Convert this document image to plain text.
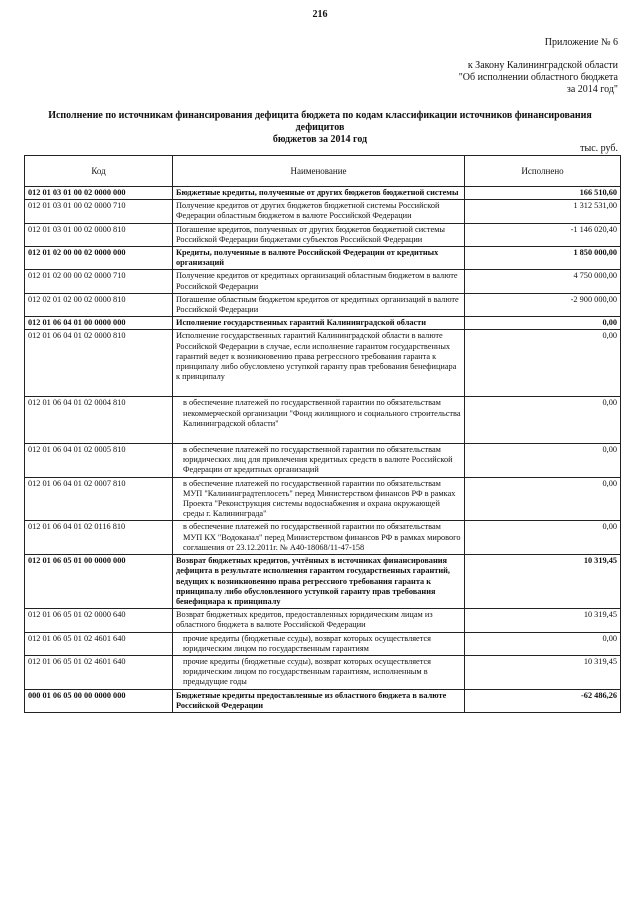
216
Приложение № 6
к Закону Калининградской области
"Об исполнении областного бюджета
за 2014 год"
Исполнение по источникам финансирования дефицита бюджета по кодам классификации источников финансирования дефицитов
бюджетов за 2014 год
тыс. руб.
Код	Наименование	Исполнено
012 01 03 01 00 02 0000 000	Бюджетные кредиты, полученные от других бюджетов бюджетной системы	166 510,60
012 01 03 01 00 02 0000 710	Получение кредитов от других бюджетов бюджетной системы Российской Федерации областным бюджетом в валюте Российской Федерации	1 312 531,00
012 01 03 01 00 02 0000 810	Погашение кредитов, полученных от других бюджетов бюджетной системы Российской Федерации бюджетами субъектов Российской Федерации	-1 146 020,40
012 01 02 00 00 02 0000 000	Кредиты, полученные в валюте Российской Федерации от кредитных организаций	1 850 000,00
012 01 02 00 00 02 0000 710	Получение кредитов от кредитных организаций областным бюджетом в валюте Российской Федерации	4 750 000,00
012 02 01 02 00 02 0000 810	Погашение областным бюджетом кредитов от кредитных организаций в валюте Российской Федерации	-2 900 000,00
012 01 06 04 01 00 0000 000	Исполнение государственных гарантий Калининградской области	0,00
012 01 06 04 01 02 0000 810	Исполнение государственных гарантий Калининградской области в валюте Российской Федерации в случае, если исполнение гарантом государственных гарантий ведет к возникновению права регрессного требования гаранта к принципалу либо обусловлено уступкой гаранту прав требования бенефициара к принципалу	0,00
012 01 06 04 01 02 0004 810	в обеспечение платежей по государственной гарантии по обязательствам некоммерческой организации "Фонд жилищного и социального строительства Калининградской области"	0,00
012 01 06 04 01 02 0005 810	в обеспечение платежей по государственной гарантии по обязательствам юридических лиц для привлечения кредитных средств в валюте Российской Федерации от кредитных организаций	0,00
012 01 06 04 01 02 0007 810	в обеспечение платежей по государственной гарантии по обязательствам МУП "Калининградтеплосеть" перед Министерством финансов РФ в рамках Проекта "Реконструкция системы водоснабжения и охрана окружающей среды г. Калининграда"	0,00
012 01 06 04 01 02 0116 810	в обеспечение платежей по государственной гарантии по обязательствам МУП КХ "Водоканал" перед Министерством финансов РФ в рамках мирового соглашения от 23.12.2011г. № А40-18068/11-47-158	0,00
012 01 06 05 01 00 0000 000	Возврат бюджетных кредитов, учтённых в источниках финансирования дефицита в результате исполнения гарантом государственных гарантий, ведущих к возникновению права регрессного требования гаранта к принципалу либо обусловленного уступкой гаранту прав требования бенефициара к принципалу	10 319,45
012 01 06 05 01 02 0000 640	Возврат бюджетных кредитов, предоставленных юридическим лицам из областного бюджета в валюте Российской Федерации	10 319,45
012 01 06 05 01 02 4601 640	прочие кредиты (бюджетные ссуды), возврат которых осуществляется юридическим лицом по государственным гарантиям	0,00
012 01 06 05 01 02 4601 640	прочие кредиты (бюджетные ссуды), возврат которых осуществляется юридическим лицом по государственным гарантиям, исполненным в предыдущие годы	10 319,45
000 01 06 05 00 00 0000 000	Бюджетные кредиты предоставленные из областного бюджета в валюте Российской Федерации	-62 486,26
